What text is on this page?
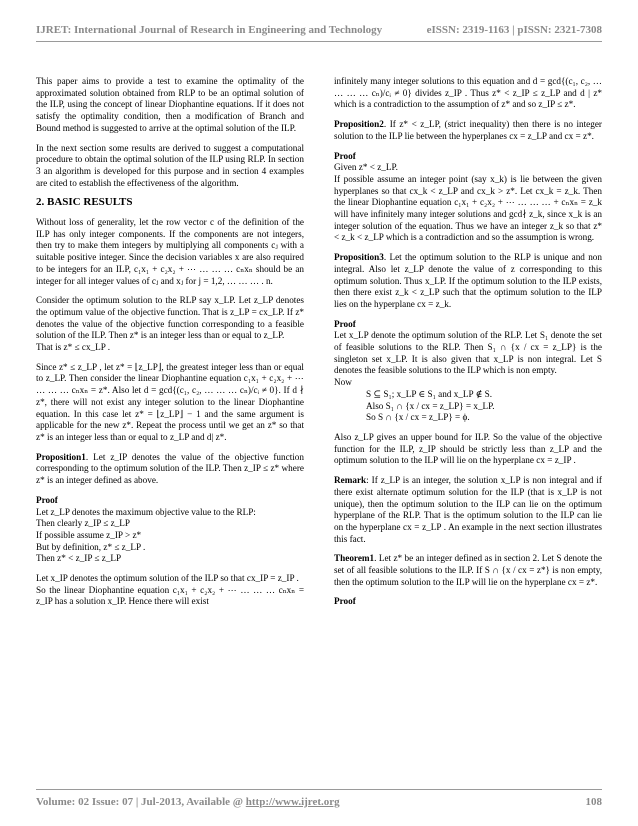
IJRET: International Journal of Research in Engineering and Technology	eISSN: 2319-1163 | pISSN: 2321-7308

This paper aims to provide a test to examine the optimality of the approximated solution obtained from RLP to be an optimal solution of the ILP, using the concept of linear Diophantine equations. If it does not satisfy the optimality condition, then a modification of Branch and Bound method is suggested to arrive at the optimal solution of the ILP.

In the next section some results are derived to suggest a computational procedure to obtain the optimal solution of the ILP using RLP. In section 3 an algorithm is developed for this purpose and in section 4 examples are cited to establish the effectiveness of the algorithm.

2. BASIC RESULTS

Without loss of generality, let the row vector c of the definition of the ILP has only integer components. If the components are not integers, then try to make them integers by multiplying all components cⱼ with a suitable positive integer. Since the decision variables x are also required to be integers for an ILP, c₁x₁ + c₂x₂ + ⋯ … … … cₙxₙ should be an integer for all integer values of cⱼ and xⱼ for j = 1,2, … … … . n.

Consider the optimum solution to the RLP say x_LP. Let z_LP denotes the optimum value of the objective function. That is z_LP = cx_LP. If z* denotes the value of the objective function corresponding to a feasible solution of the ILP. Then z* is an integer less than or equal to z_LP.

That is z* ≤ cx_LP .

Since z* ≤ z_LP , let z* = ⌊z_LP⌋, the greatest integer less than or equal to z_LP. Then consider the linear Diophantine equation c₁x₁ + c₂x₂ + ⋯ … … … cₙxₙ = z*. Also let d = gcd{(c₁, c₂, … … … cₙ)/cᵢ ≠ 0}. If d ∤ z*, there will not exist any integer solution to the linear Diophantine equation. In this case let z* = ⌊z_LP⌋ − 1 and the same argument is applicable for the new z*. Repeat the process until we get an z* so that z* is an integer less than or equal to z_LP and d| z*.

Proposition1. Let z_IP denotes the value of the objective function corresponding to the optimum solution of the ILP. Then z_IP ≤ z* where z* is an integer defined as above.

Proof
Let z_LP denotes the maximum objective value to the RLP:
Then clearly z_IP ≤ z_LP
If possible assume z_IP > z*
But by definition, z* ≤ z_LP .
Then z* < z_IP ≤ z_LP

Let x_IP denotes the optimum solution of the ILP so that cx_IP = z_IP .

So the linear Diophantine equation c₁x₁ + c₂x₂ + ⋯ … … … cₙxₙ = z_IP has a solution x_IP. Hence there will exist

infinitely many integer solutions to this equation and d = gcd{(c₁, c₂, … … … … cₙ)/cᵢ ≠ 0} divides z_IP . Thus z* < z_IP ≤ z_LP and d | z* which is a contradiction to the assumption of z* and so z_IP ≤ z*.

Proposition2. If z* < z_LP, (strict inequality) then there is no integer solution to the ILP lie between the hyperplanes cx = z_LP and cx = z*.

Proof
Given z* < z_LP.

If possible assume an integer point (say x_k) is lie between the given hyperplanes so that cx_k < z_LP and cx_k > z*. Let cx_k = z_k. Then the linear Diophantine equation c₁x₁ + c₂x₂ + ⋯ … … … + cₙxₙ = z_k will have infinitely many integer solutions and gcd∤ z_k, since x_k is an integer solution of the equation. Thus we have an integer z_k so that z* < z_k < z_LP which is a contradiction and so the assumption is wrong.

Proposition3. Let the optimum solution to the RLP is unique and non integral. Also let z_LP denote the value of z corresponding to this optimum solution. Thus x_LP. If the optimum solution to the ILP exists, then there exist z_k < z_LP such that the optimum solution to the ILP lies on the hyperplane cx = z_k.

Proof
Let x_LP denote the optimum solution of the RLP. Let S₁ denote the set of feasible solutions to the RLP. Then S₁ ∩ {x / cx = z_LP} is the singleton set x_LP. It is also given that x_LP is non integral. Let S denotes the feasible solutions to the ILP which is non empty.
Now
S ⊆ S₁; x_LP ∈ S₁ and x_LP ∉ S.
Also S₁ ∩ {x / cx = z_LP} = x_LP.
So S ∩ {x / cx = z_LP} = ϕ.

Also z_LP gives an upper bound for ILP. So the value of the objective function for the ILP, z_IP should be strictly less than z_LP and the optimum solution to the ILP will lie on the hyperplane cx = z_IP .

Remark: If z_LP is an integer, the solution x_LP is non integral and if there exist alternate optimum solution for the ILP (that is x_LP is not unique), then the optimum solution to the ILP can lie on the optimum hyperplane of the RLP. That is the optimum solution to the ILP can lie on the hyperplane cx = z_LP . An example in the next section illustrates this fact.

Theorem1. Let z* be an integer defined as in section 2. Let S denote the set of all feasible solutions to the ILP. If S ∩ {x / cx = z*} is non empty, then the optimum solution to the ILP will lie on the hyperplane cx = z*.

Proof
Volume: 02 Issue: 07 | Jul-2013, Available @ http://www.ijret.org	108
